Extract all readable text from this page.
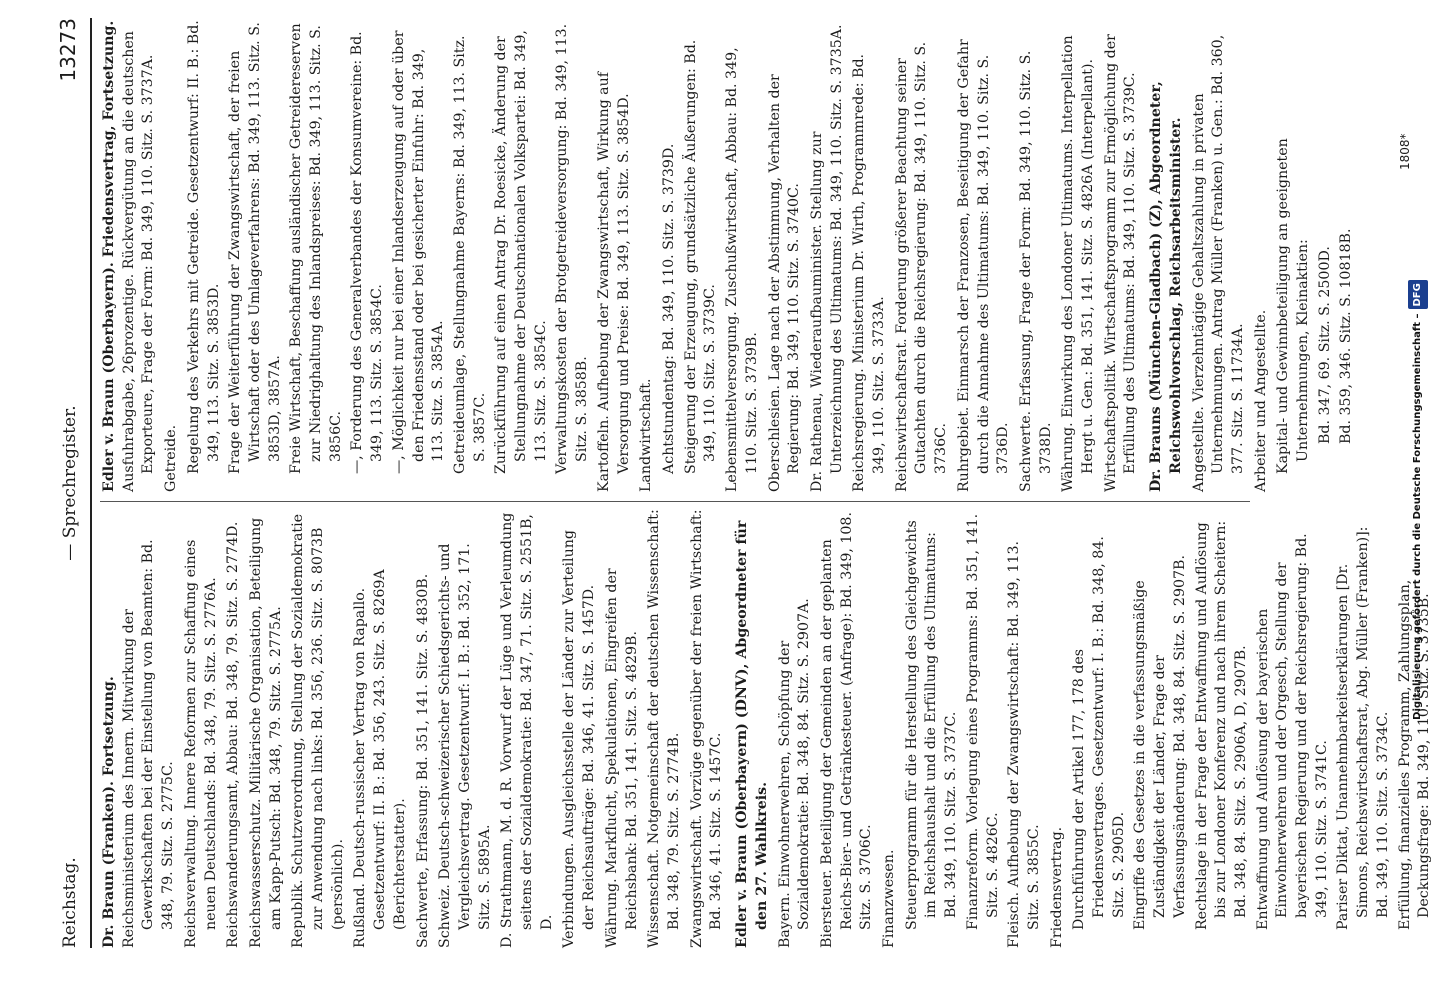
Reichstag.
— Sprechregister.
13273

Dr. Braun (Franken). Fortsetzung. Reichsministerium des Innern. Mitwirkung der Gewerkschaften bei der Einstellung von Beamten: Bd. 348, 79. Sitz. S. 2775C. Reichsverwaltung. Innere Reformen zur Schaffung eines neuen Deutschlands: Bd. 348, 79. Sitz. S. 2776A. Reichswanderungsamt, Abbau: Bd. 348, 79. Sitz. S. 2774D. Reichswasserschutz. Militärische Organisation, Beteiligung am Kapp-Putsch: Bd. 348, 79. Sitz. S. 2775A. Republik. Schutzverordnung, Stellung der Sozialdemokratie zur Anwendung nach links: Bd. 356, 236. Sitz. S. 8073B (persönlich). Rußland. Deutsch-russischer Vertrag von Rapallo. Gesetzentwurf: II. B.: Bd. 356, 243. Sitz. S. 8269A (Berichterstatter). Sachwerte, Erfassung: Bd. 351, 141. Sitz. S. 4830B. Schweiz. Deutsch-schweizerischer Schiedsgerichts- und Vergleichsvertrag. Gesetzentwurf: I. B.: Bd. 352, 171. Sitz. S. 5895A. D. Strathmann, M. d. R. Vorwurf der Lüge und Verleumdung seitens der Sozialdemokratie: Bd. 347, 71. Sitz. S. 2551B, D. Verbindungen. Ausgleichsstelle der Länder zur Verteilung der Reichsaufträge: Bd. 346, 41. Sitz. S. 1457D. Währung. Markflucht, Spekulationen, Eingreifen der Reichsbank: Bd. 351, 141. Sitz. S. 4829B. Wissenschaft. Notgemeinschaft der deutschen Wissenschaft: Bd. 348, 79. Sitz. S. 2774B. Zwangswirtschaft. Vorzüge gegenüber der freien Wirtschaft: Bd. 346, 41. Sitz. S. 1457C. Edler v. Braun (Oberbayern) (DNV), Abgeordneter für den 27. Wahlkreis. Bayern. Einwohnerwehren, Schöpfung der Sozialdemokratie: Bd. 348, 84. Sitz. S. 2907A. Biersteuer. Beteiligung der Gemeinden an der geplanten Reichs-Bier- und Getränkesteuer. (Anfrage): Bd. 349, 108. Sitz. S. 3706C. Finanzwesen. Steuerprogramm für die Herstellung des Gleichgewichts im Reichshaushalt und die Erfüllung des Ultimatums: Bd. 349, 110. Sitz. S. 3737C. Finanzreform. Vorlegung eines Programms: Bd. 351, 141. Sitz. S. 4826C. Fleisch. Aufhebung der Zwangswirtschaft: Bd. 349, 113. Sitz. S. 3855C. Friedensvertrag. Durchführung der Artikel 177, 178 des Friedensvertrages. Gesetzentwurf: I. B.: Bd. 348, 84. Sitz. S. 2905D. Eingriffe des Gesetzes in die verfassungsmäßige Zuständigkeit der Länder, Frage der Verfassungsänderung: Bd. 348, 84. Sitz. S. 2907B. Rechtslage in der Frage der Entwaffnung und Auflösung bis zur Londoner Konferenz und nach ihrem Scheitern: Bd. 348, 84. Sitz. S. 2906A, D, 2907B. Entwaffnung und Auflösung der bayerischen Einwohnerwehren und der Orgesch, Stellung der bayerischen Regierung und der Reichsregierung: Bd. 349, 110. Sitz. S. 3741C. Pariser Diktat, Unannehmbarkeitserklärungen [Dr. Simons, Reichswirtschaftsrat, Abg. Müller (Franken)]: Bd. 349, 110. Sitz. S. 3734C. Erfüllung, finanzielles Programm, Zahlungsplan, Deckungsfrage: Bd. 349, 110. Sitz. S. 3735B.

Edler v. Braun (Oberbayern). Friedensvertrag, Fortsetzung. Ausfuhrabgabe, 26prozentige. Rückvergütung an die deutschen Exporteure, Frage der Form: Bd. 349, 110. Sitz. S. 3737A. Getreide. Regelung des Verkehrs mit Getreide. Gesetzentwurf: II. B.: Bd. 349, 113. Sitz. S. 3853D. Frage der Weiterführung der Zwangswirtschaft, der freien Wirtschaft oder des Umlageverfahrens: Bd. 349, 113. Sitz. S. 3853D, 3857A. Freie Wirtschaft, Beschaffung ausländischer Getreidereserven zur Niedrighaltung des Inlandspreises: Bd. 349, 113. Sitz. S. 3856C. —, Forderung des Generalverbandes der Konsumvereine: Bd. 349, 113. Sitz. S. 3854C. —, Möglichkeit nur bei einer Inlandserzeugung auf oder über den Friedensstand oder bei gesicherter Einfuhr: Bd. 349, 113. Sitz. S. 3854A. Getreideumlage, Stellungnahme Bayerns: Bd. 349, 113. Sitz. S. 3857C. Zurückführung auf einen Antrag Dr. Roesicke, Änderung der Stellungnahme der Deutschnationalen Volkspartei: Bd. 349, 113. Sitz. S. 3854C. Verwaltungskosten der Brotgetreideversorgung: Bd. 349, 113. Sitz. S. 3858B. Kartoffeln. Aufhebung der Zwangswirtschaft, Wirkung auf Versorgung und Preise: Bd. 349, 113. Sitz. S. 3854D. Landwirtschaft. Achtstundentag: Bd. 349, 110. Sitz. S. 3739D. Steigerung der Erzeugung, grundsätzliche Äußerungen: Bd. 349, 110. Sitz. S. 3739C. Lebensmittelversorgung. Zuschußwirtschaft, Abbau: Bd. 349, 110. Sitz. S. 3739B. Oberschlesien. Lage nach der Abstimmung, Verhalten der Regierung: Bd. 349, 110. Sitz. S. 3740C. Dr. Rathenau, Wiederaufbauminister. Stellung zur Unterzeichnung des Ultimatums: Bd. 349, 110. Sitz. S. 3735A. Reichsregierung. Ministerium Dr. Wirth, Programmrede: Bd. 349, 110. Sitz. S. 3733A. Reichswirtschaftsrat. Forderung größerer Beachtung seiner Gutachten durch die Reichsregierung: Bd. 349, 110. Sitz. S. 3736C. Ruhrgebiet. Einmarsch der Franzosen, Beseitigung der Gefahr durch die Annahme des Ultimatums: Bd. 349, 110. Sitz. S. 3736D. Sachwerte. Erfassung, Frage der Form: Bd. 349, 110. Sitz. S. 3738D. Währung. Einwirkung des Londoner Ultimatums. Interpellation Hergt u. Gen.: Bd. 351, 141. Sitz. S. 4826A (Interpellant). Wirtschaftspolitik. Wirtschaftsprogramm zur Ermöglichung der Erfüllung des Ultimatums: Bd. 349, 110. Sitz. S. 3739C. Dr. Brauns (München-Gladbach) (Z), Abgeordneter, Reichswohlvorschlag, Reichsarbeitsminister. Angestellte. Vierzehntägige Gehaltszahlung in privaten Unternehmungen. Antrag Müller (Franken) u. Gen.: Bd. 360, 377. Sitz. S. 11734A. Arbeiter und Angestellte. Kapital- und Gewinnbeteiligung an geeigneten Unternehmungen, Kleinaktien: Bd. 347, 69. Sitz. S. 2500D. Bd. 359, 346. Sitz. S. 10818B.

1808*
Digitalisierung gefördert durch die Deutsche Forschungsgemeinschaft –DFG
